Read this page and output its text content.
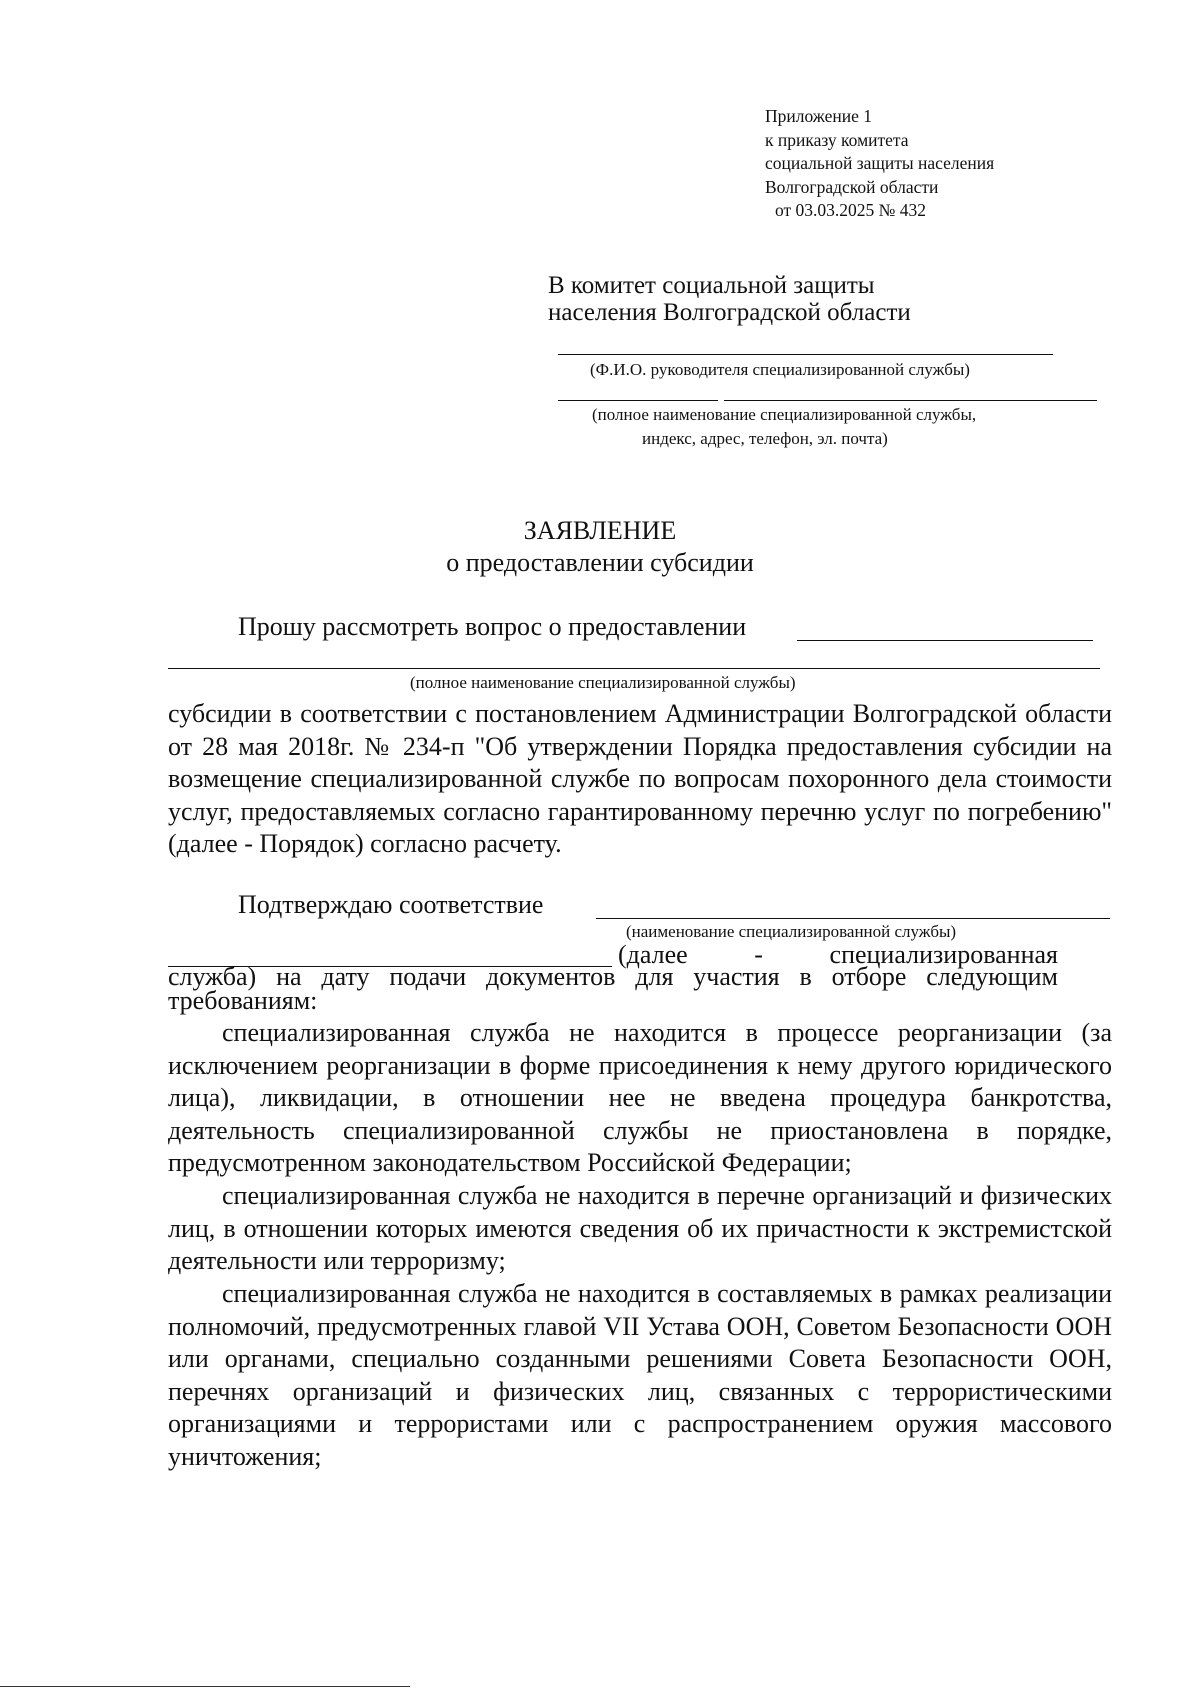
Приложение 1
к приказу комитета
социальной защиты населения
Волгоградской области
от 03.03.2025 № 432
В комитет социальной защиты
населения Волгоградской области
(Ф.И.О. руководителя специализированной службы)
(полное наименование специализированной службы,
индекс, адрес, телефон, эл. почта)
ЗАЯВЛЕНИЕ
о предоставлении субсидии
Прошу рассмотреть вопрос о предоставлении
(полное наименование специализированной службы)
субсидии в соответствии с постановлением Администрации Волгоградской области от 28 мая 2018г. № 234-п "Об утверждении Порядка предоставления субсидии на возмещение специализированной службе по вопросам похоронного дела стоимости услуг, предоставляемых согласно гарантированному перечню услуг по погребению" (далее - Порядок) согласно расчету.
Подтверждаю соответствие
(наименование специализированной службы)
(далее - специализированная
служба) на дату подачи документов для участия в отборе следующим требованиям:
специализированная служба не находится в процессе реорганизации (за исключением реорганизации в форме присоединения к нему другого юридического лица), ликвидации, в отношении нее не введена процедура банкротства, деятельность специализированной службы не приостановлена в порядке, предусмотренном законодательством Российской Федерации;
специализированная служба не находится в перечне организаций и физических лиц, в отношении которых имеются сведения об их причастности к экстремистской деятельности или терроризму;
специализированная служба не находится в составляемых в рамках реализации полномочий, предусмотренных главой VII Устава ООН, Советом Безопасности ООН или органами, специально созданными решениями Совета Безопасности ООН, перечнях организаций и физических лиц, связанных с террористическими организациями и террористами или с распространением оружия массового уничтожения;
